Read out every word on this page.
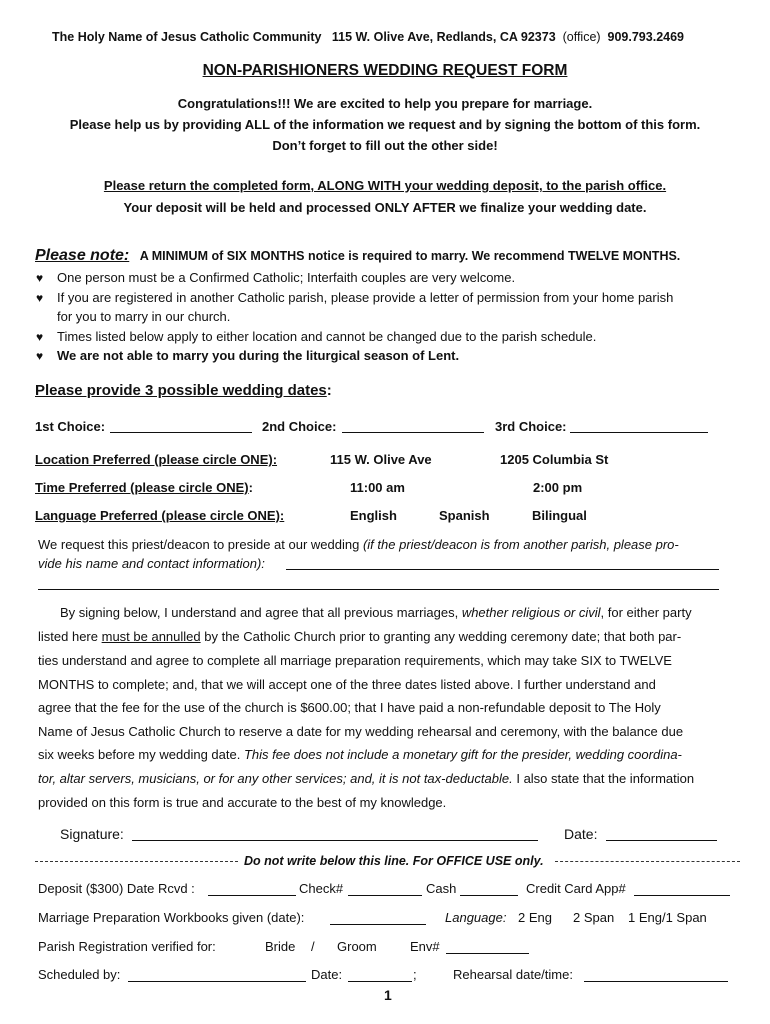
The Holy Name of Jesus Catholic Community 115 W. Olive Ave, Redlands, CA 92373 (office) 909.793.2469
NON-PARISHIONERS WEDDING REQUEST FORM
Congratulations!!! We are excited to help you prepare for marriage.
Please help us by providing ALL of the information we request and by signing the bottom of this form.
Don’t forget to fill out the other side!
Please return the completed form, ALONG WITH your wedding deposit, to the parish office.
Your deposit will be held and processed ONLY AFTER we finalize your wedding date.
Please note: A MINIMUM of SIX MONTHS notice is required to marry. We recommend TWELVE MONTHS.
♥ One person must be a Confirmed Catholic; Interfaith couples are very welcome.
♥ If you are registered in another Catholic parish, please provide a letter of permission from your home parish
for you to marry in our church.
♥ Times listed below apply to either location and cannot be changed due to the parish schedule.
♥ We are not able to marry you during the liturgical season of Lent.
Please provide 3 possible wedding dates:
1st Choice:	2nd Choice:	3rd Choice:
Location Preferred (please circle ONE):	115 W. Olive Ave	1205 Columbia St
Time Preferred (please circle ONE):	11:00 am	2:00 pm
Language Preferred (please circle ONE):	English	Spanish	Bilingual
We request this priest/deacon to preside at our wedding (if the priest/deacon is from another parish, please pro-
vide his name and contact information):
By signing below, I understand and agree that all previous marriages, whether religious or civil, for either party
listed here must be annulled by the Catholic Church prior to granting any wedding ceremony date; that both par-
ties understand and agree to complete all marriage preparation requirements, which may take SIX to TWELVE
MONTHS to complete; and, that we will accept one of the three dates listed above. I further understand and
agree that the fee for the use of the church is $600.00; that I have paid a non-refundable deposit to The Holy
Name of Jesus Catholic Church to reserve a date for my wedding rehearsal and ceremony, with the balance due
six weeks before my wedding date. This fee does not include a monetary gift for the presider, wedding coordina-
tor, altar servers, musicians, or for any other services; and, it is not tax-deductable. I also state that the information
provided on this form is true and accurate to the best of my knowledge.
Signature:	Date:
Do not write below this line. For OFFICE USE only.
Deposit ($300) Date Rcvd :	Check#	Cash	Credit Card App#
Marriage Preparation Workbooks given (date):	Language: 2 Eng 2 Span 1 Eng/1 Span
Parish Registration verified for:	Bride / Groom	Env#
Scheduled by:	Date:	;	Rehearsal date/time:
1
